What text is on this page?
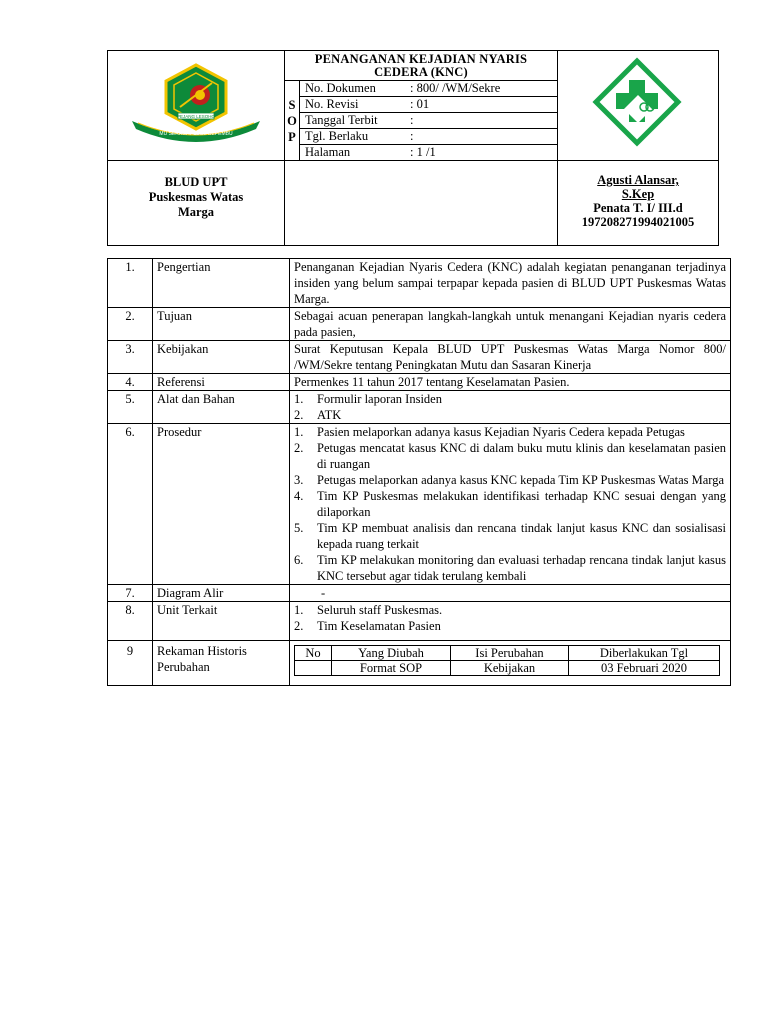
PEJANG LESOHO
MU SERAGAT LEGE BEPEMBU

PENANGANAN KEJADIAN NYARIS
CEDERA (KNC)
S
O
P
	No. Dokumen	: 800/ /WM/Sekre
No. Revisi	: 01
Tanggal Terbit	:
Tgl. Berlaku	:
Halaman	: 1 /1

BLUD UPT
Puskesmas Watas
Marga

Agusti Alansar,
S.Kep
Penata T. I/ III.d
197208271994021005
1.	Pengertian	Penanganan Kejadian Nyaris Cedera (KNC) adalah kegiatan penanganan terjadinya insiden yang belum sampai terpapar kepada pasien di BLUD UPT Puskesmas Watas Marga.
2.	Tujuan	Sebagai acuan penerapan langkah-langkah untuk menangani Kejadian nyaris cedera pada pasien,
3.	Kebijakan	Surat Keputusan Kepala BLUD UPT Puskesmas Watas Marga Nomor 800/ /WM/Sekre tentang Peningkatan Mutu dan Sasaran Kinerja
4.	Referensi	Permenkes 11 tahun 2017 tentang Keselamatan Pasien.
5.	Alat dan Bahan	1. Formulir laporan Insiden
2. ATK

6.	Prosedur	1. Pasien melaporkan adanya kasus Kejadian Nyaris Cedera kepada Petugas
2. Petugas mencatat kasus KNC di dalam buku mutu klinis dan keselamatan pasien di ruangan
3. Petugas melaporkan adanya kasus KNC kepada Tim KP Puskesmas Watas Marga
4. Tim KP Puskesmas melakukan identifikasi terhadap KNC sesuai dengan yang dilaporkan
5. Tim KP membuat analisis dan rencana tindak lanjut kasus KNC dan sosialisasi kepada ruang terkait
6. Tim KP melakukan monitoring dan evaluasi terhadap rencana tindak lanjut kasus KNC tersebut agar tidak terulang kembali

7.	Diagram Alir	-
8.	Unit Terkait	1. Seluruh staff Puskesmas.
2. Tim Keselamatan Pasien

9	Rekaman Historis Perubahan	
No	Yang Diubah	Isi Perubahan	Diberlakukan Tgl
	Format SOP	Kebijakan	03 Februari 2020
